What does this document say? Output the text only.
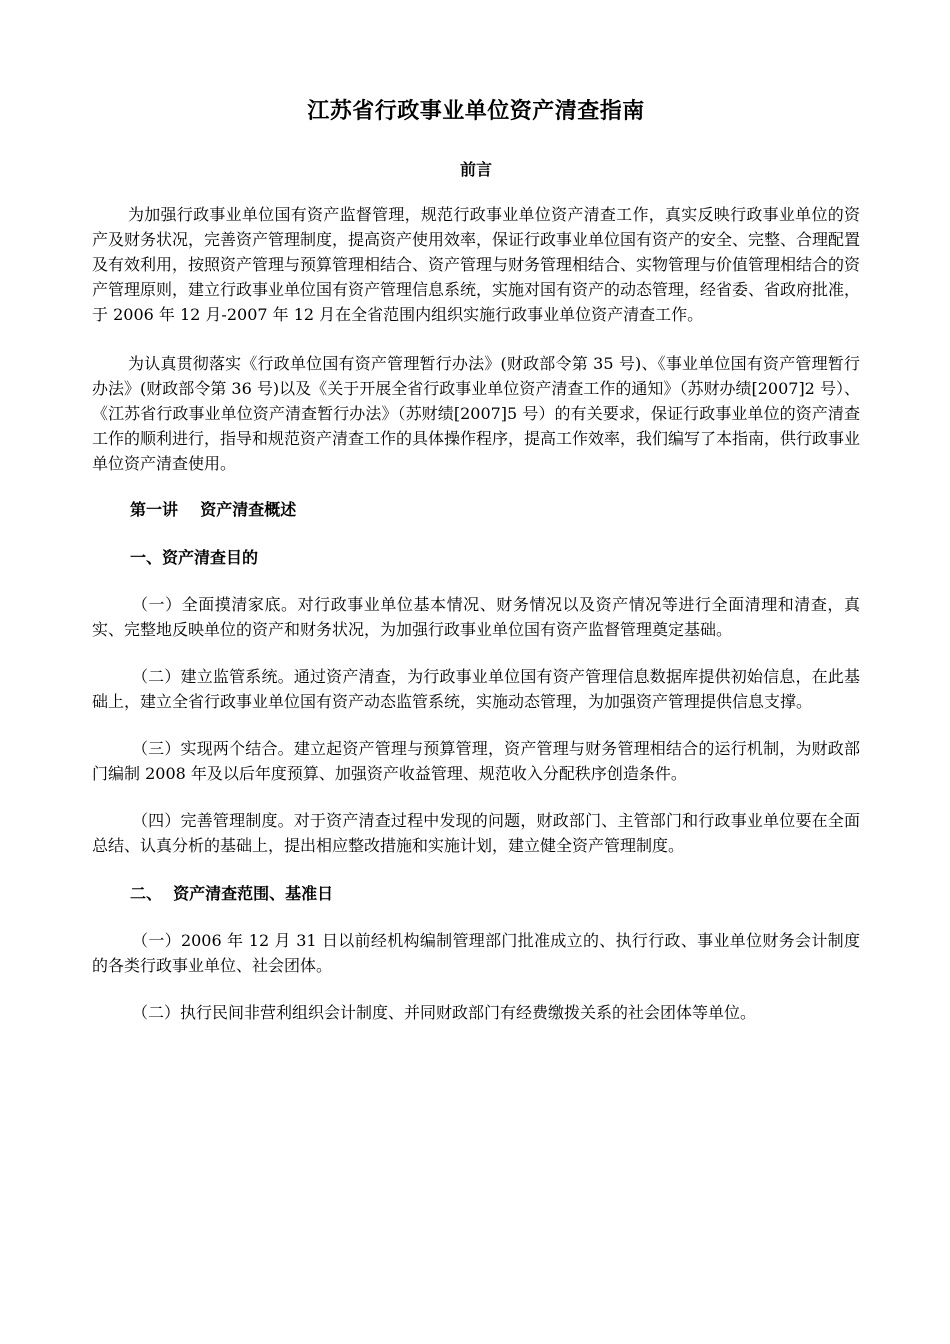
江苏省行政事业单位资产清查指南
前言

为加强行政事业单位国有资产监督管理，规范行政事业单位资产清查工作，真实反映行政事业单位的资产及财务状况，完善资产管理制度，提高资产使用效率，保证行政事业单位国有资产的安全、完整、合理配置及有效利用，按照资产管理与预算管理相结合、资产管理与财务管理相结合、实物管理与价值管理相结合的资产管理原则，建立行政事业单位国有资产管理信息系统，实施对国有资产的动态管理，经省委、省政府批准，于 2006 年 12 月-2007 年 12 月在全省范围内组织实施行政事业单位资产清查工作。

为认真贯彻落实《行政单位国有资产管理暂行办法》(财政部令第 35 号)、《事业单位国有资产管理暂行办法》(财政部令第 36 号)以及《关于开展全省行政事业单位资产清查工作的通知》（苏财办绩[2007]2 号）、《江苏省行政事业单位资产清查暂行办法》（苏财绩[2007]5 号）的有关要求，保证行政事业单位的资产清查工作的顺利进行，指导和规范资产清查工作的具体操作程序，提高工作效率，我们编写了本指南，供行政事业单位资产清查使用。

第一讲    资产清查概述
一、资产清查目的

（一）全面摸清家底。对行政事业单位基本情况、财务情况以及资产情况等进行全面清理和清查，真实、完整地反映单位的资产和财务状况，为加强行政事业单位国有资产监督管理奠定基础。

（二）建立监管系统。通过资产清查，为行政事业单位国有资产管理信息数据库提供初始信息，在此基础上，建立全省行政事业单位国有资产动态监管系统，实施动态管理，为加强资产管理提供信息支撑。

（三）实现两个结合。建立起资产管理与预算管理，资产管理与财务管理相结合的运行机制，为财政部门编制 2008 年及以后年度预算、加强资产收益管理、规范收入分配秩序创造条件。

（四）完善管理制度。对于资产清查过程中发现的问题，财政部门、主管部门和行政事业单位要在全面总结、认真分析的基础上，提出相应整改措施和实施计划，建立健全资产管理制度。

二、  资产清查范围、基准日

（一）2006 年 12 月 31 日以前经机构编制管理部门批准成立的、执行行政、事业单位财务会计制度的各类行政事业单位、社会团体。

（二）执行民间非营利组织会计制度、并同财政部门有经费缴拨关系的社会团体等单位。
